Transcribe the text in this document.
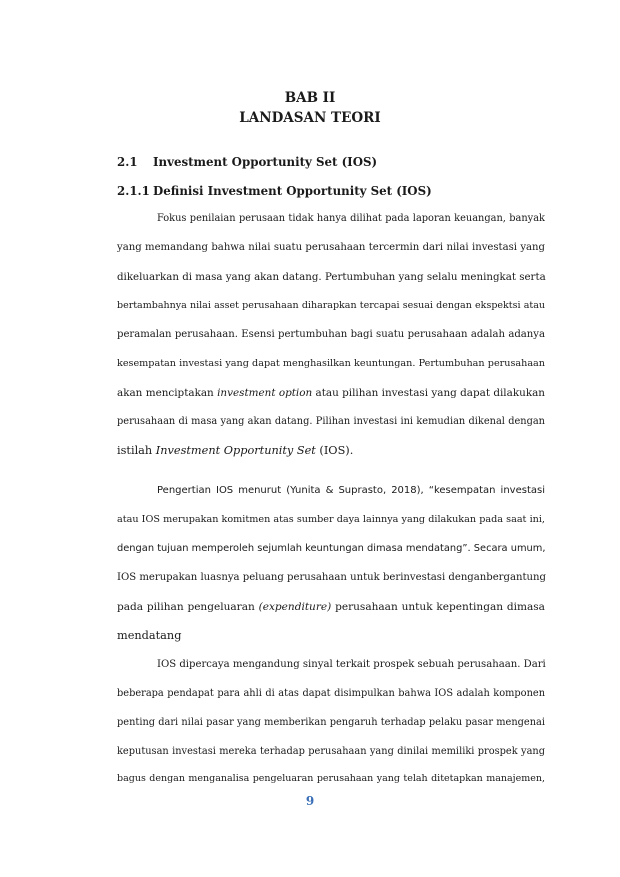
BAB II
LANDASAN TEORI
2.1 Investment Opportunity Set (IOS)
2.1.1 Definisi Investment Opportunity Set (IOS)
Fokus penilaian perusaan tidak hanya dilihat pada laporan keuangan, banyak
yang memandang bahwa nilai suatu perusahaan tercermin dari nilai investasi yang
dikeluarkan di masa yang akan datang. Pertumbuhan yang selalu meningkat serta
bertambahnya nilai asset perusahaan diharapkan tercapai sesuai dengan ekspektsi atau
peramalan perusahaan. Esensi pertumbuhan bagi suatu perusahaan adalah adanya
kesempatan investasi yang dapat menghasilkan keuntungan. Pertumbuhan perusahaan
akan menciptakan investment option atau pilihan investasi yang dapat dilakukan
perusahaan di masa yang akan datang. Pilihan investasi ini kemudian dikenal dengan
istilah Investment Opportunity Set (IOS).
Pengertian IOS menurut (Yunita & Suprasto, 2018), “kesempatan investasi
atau IOS merupakan komitmen atas sumber daya lainnya yang dilakukan pada saat ini,
dengan tujuan memperoleh sejumlah keuntungan dimasa mendatang”. Secara umum,
IOS merupakan luasnya peluang perusahaan untuk berinvestasi denganbergantung
pada pilihan pengeluaran (expenditure) perusahaan untuk kepentingan dimasa
mendatang
IOS dipercaya mengandung sinyal terkait prospek sebuah perusahaan. Dari
beberapa pendapat para ahli di atas dapat disimpulkan bahwa IOS adalah komponen
penting dari nilai pasar yang memberikan pengaruh terhadap pelaku pasar mengenai
keputusan investasi mereka terhadap perusahaan yang dinilai memiliki prospek yang
bagus dengan menganalisa pengeluaran perusahaan yang telah ditetapkan manajemen,
9
